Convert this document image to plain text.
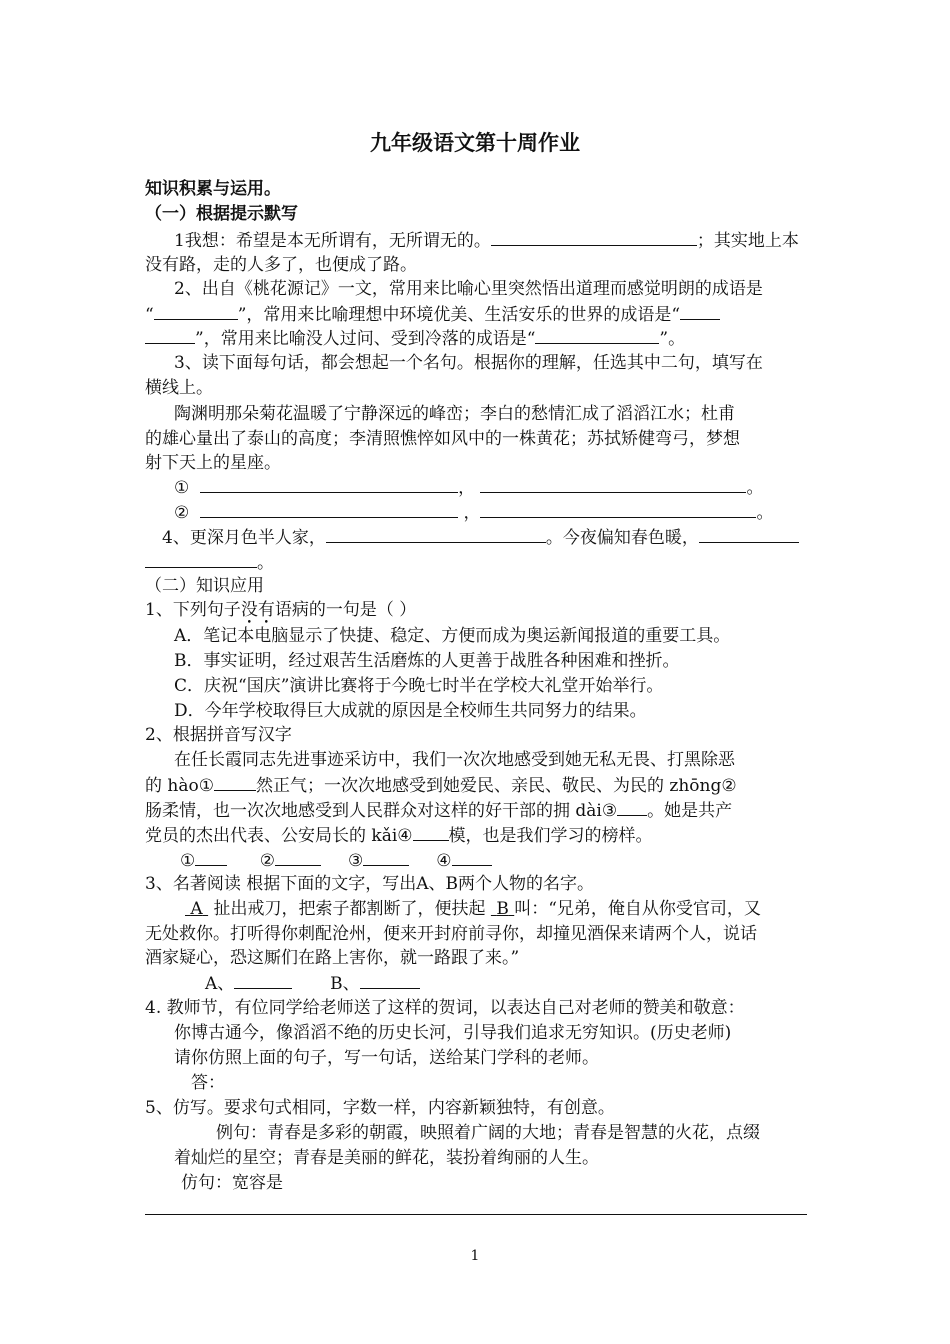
九年级语文第十周作业
知识积累与运用。
（一）根据提示默写
1我想：希望是本无所谓有，无所谓无的。	；其实地上本
没有路，走的人多了，也便成了路。
2、出自《桃花源记》一文，常用来比喻心里突然悟出道理而感觉明朗的成语是
“	”，常用来比喻理想中环境优美、生活安乐的世界的成语是“
”，常用来比喻没人过问、受到冷落的成语是“	”。
3、读下面每句话，都会想起一个名句。根据你的理解，任选其中二句，填写在
横线上。
陶渊明那朵菊花温暖了宁静深远的峰峦；李白的愁情汇成了滔滔江水；杜甫
的雄心量出了泰山的高度；李清照憔悴如风中的一株黄花；苏拭矫健弯弓，梦想
射下天上的星座。
①	，	。
②	，	。
4、更深月色半人家，	。今夜偏知春色暖，
。
（二）知识应用
1、下列句子没有语病的一句是（ ）
A．笔记本电脑显示了快捷、稳定、方便而成为奥运新闻报道的重要工具。
B．事实证明，经过艰苦生活磨炼的人更善于战胜各种困难和挫折。
C．庆祝“国庆”演讲比赛将于今晚七时半在学校大礼堂开始举行。
D．今年学校取得巨大成就的原因是全校师生共同努力的结果。
2、根据拼音写汉字
在任长霞同志先进事迹采访中，我们一次次地感受到她无私无畏、打黑除恶
的 hào① 然正气；一次次地感受到她爱民、亲民、敬民、为民的 zhōng②
肠柔情，也一次次地感受到人民群众对这样的好干部的拥 dài③ 。她是共产
党员的杰出代表、公安局长的 kǎi④ 模，也是我们学习的榜样。
①	②	③	④
3、名著阅读 根据下面的文字，写出A、B两个人物的名字。
A 扯出戒刀，把索子都割断了，便扶起 B 叫：“兄弟，俺自从你受官司，又
无处救你。打听得你刺配沧州，便来开封府前寻你，却撞见酒保来请两个人，说话
酒家疑心，恐这厮们在路上害你，就一路跟了来。”
A、	B、
4. 教师节，有位同学给老师送了这样的贺词，以表达自己对老师的赞美和敬意：
你博古通今，像滔滔不绝的历史长河，引导我们追求无穷知识。(历史老师)
请你仿照上面的句子，写一句话，送给某门学科的老师。
答：
5、仿写。要求句式相同，字数一样，内容新颖独特，有创意。
例句：青春是多彩的朝霞，映照着广阔的大地；青春是智慧的火花，点缀
着灿烂的星空；青春是美丽的鲜花，装扮着绚丽的人生。
仿句：宽容是
1
